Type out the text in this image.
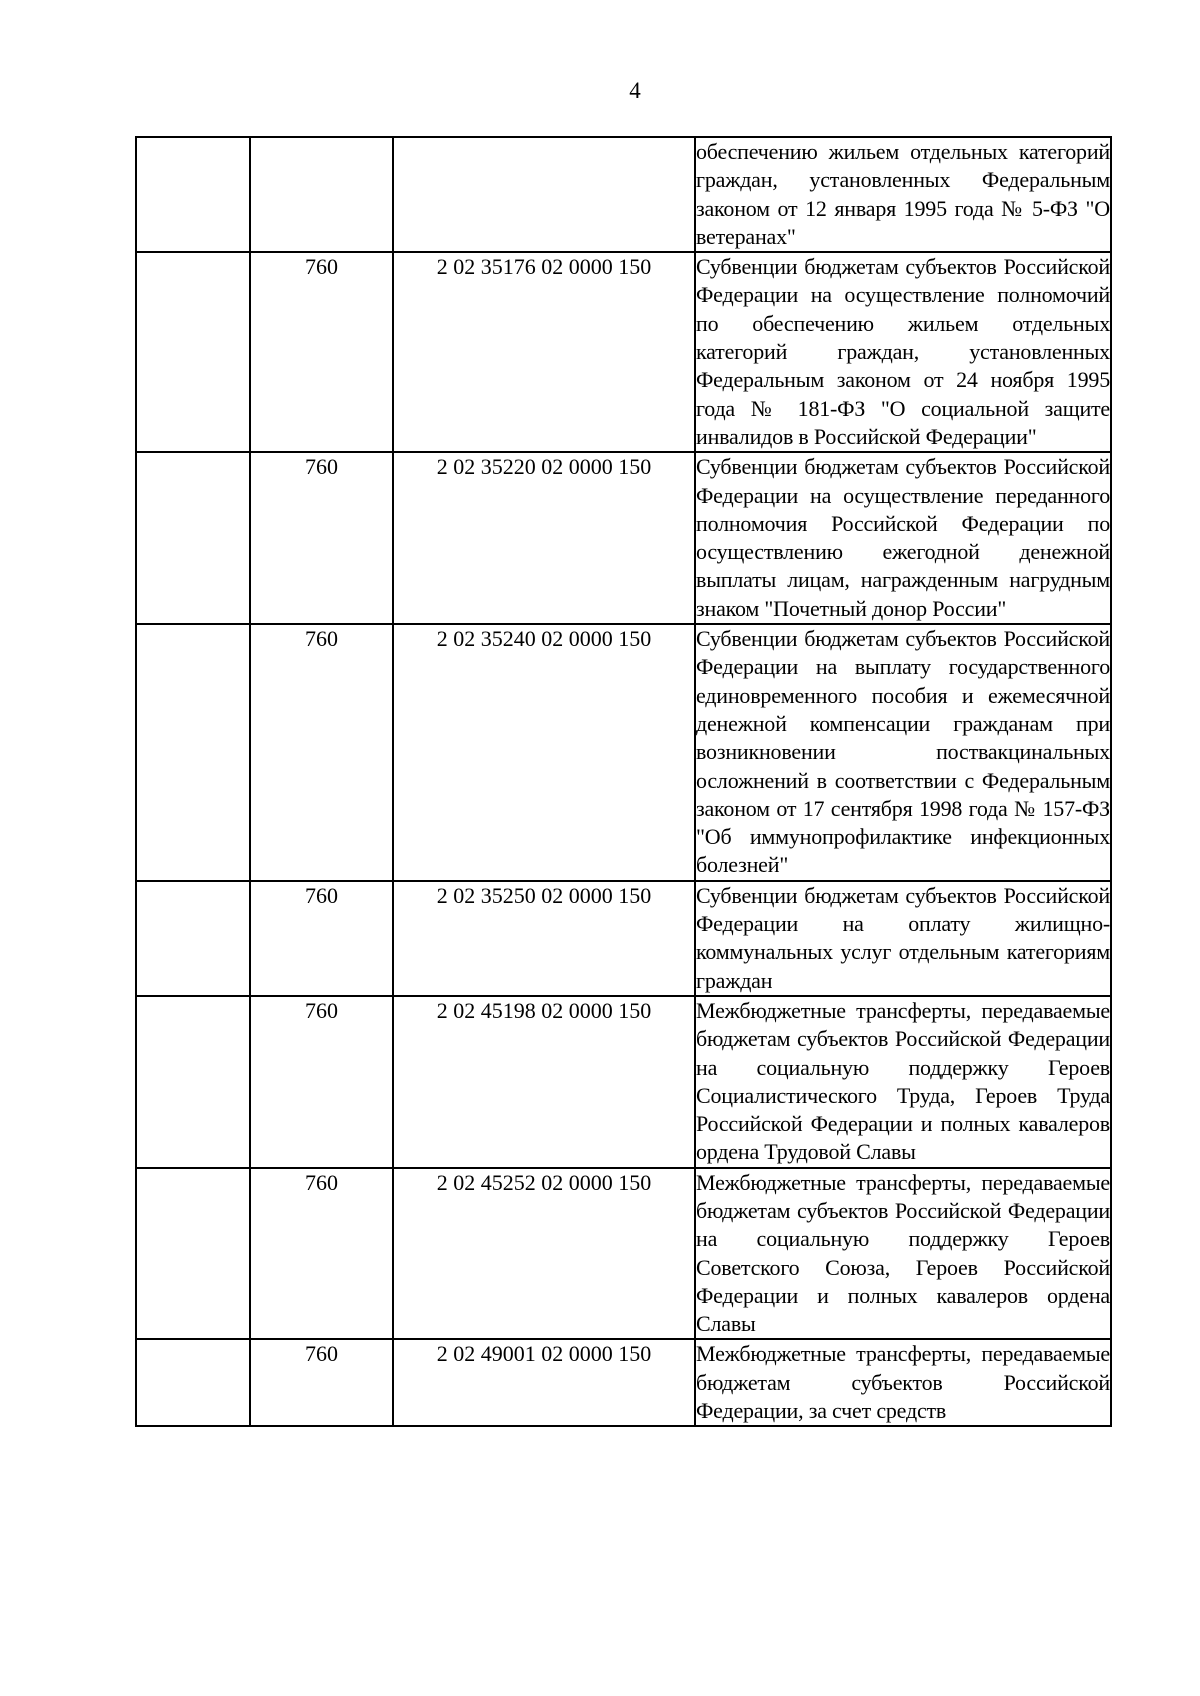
4
			обеспечению жильем отдельных категорий граждан, установленных Федеральным законом от 12 января 1995 года № 5-ФЗ "О ветеранах"
	760	2 02 35176 02 0000 150	Субвенции бюджетам субъектов Российской Федерации на осуществление полномочий по обеспечению жильем отдельных категорий граждан, установленных Федеральным законом от 24 ноября 1995 года № 181-ФЗ "О социальной защите инвалидов в Российской Федерации"
	760	2 02 35220 02 0000 150	Субвенции бюджетам субъектов Российской Федерации на осуществление переданного полномочия Российской Федерации по осуществлению ежегодной денежной выплаты лицам, награжденным нагрудным знаком "Почетный донор России"
	760	2 02 35240 02 0000 150	Субвенции бюджетам субъектов Российской Федерации на выплату государственного единовременного пособия и ежемесячной денежной компенсации гражданам при возникновении поствакцинальных осложнений в соответствии с Федеральным законом от 17 сентября 1998 года № 157-ФЗ "Об иммунопрофилактике инфекционных болезней"
	760	2 02 35250 02 0000 150	Субвенции бюджетам субъектов Российской Федерации на оплату жилищно-коммунальных услуг отдельным категориям граждан
	760	2 02 45198 02 0000 150	Межбюджетные трансферты, передаваемые бюджетам субъектов Российской Федерации на социальную поддержку Героев Социалистического Труда, Героев Труда Российской Федерации и полных кавалеров ордена Трудовой Славы
	760	2 02 45252 02 0000 150	Межбюджетные трансферты, передаваемые бюджетам субъектов Российской Федерации на социальную поддержку Героев Советского Союза, Героев Российской Федерации и полных кавалеров ордена Славы
	760	2 02 49001 02 0000 150	Межбюджетные трансферты, передаваемые бюджетам субъектов Российской Федерации, за счет средств
